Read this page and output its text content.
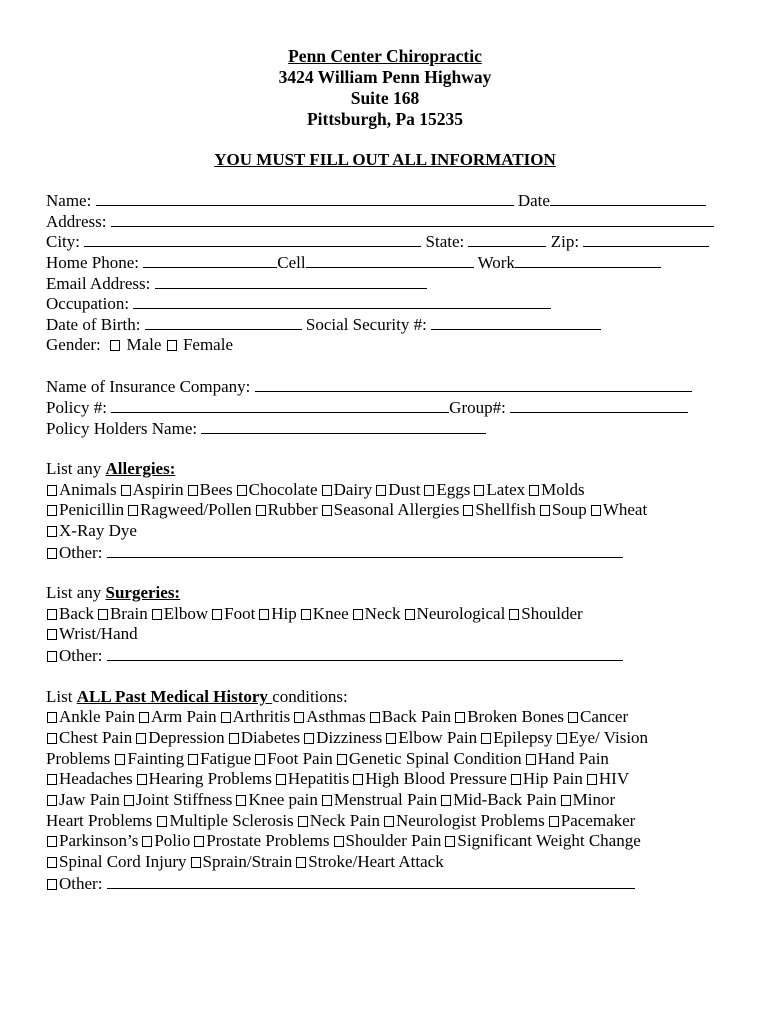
Penn Center Chiropractic
3424 William Penn Highway
Suite 168
Pittsburgh, Pa 15235
YOU MUST FILL OUT ALL INFORMATION
Name:	Date
Address:
City:	State:	Zip:
Home Phone:	Cell	Work
Email Address:
Occupation:
Date of Birth:	Social Security #:
Gender: Male Female
Name of Insurance Company:
Policy #:	Group#:
Policy Holders Name:
List any Allergies:
Animals Aspirin Bees Chocolate Dairy Dust Eggs Latex Molds
Penicillin Ragweed/Pollen Rubber Seasonal Allergies Shellfish Soup Wheat
X-Ray Dye
Other:
List any Surgeries:
Back Brain Elbow Foot Hip Knee Neck Neurological Shoulder
Wrist/Hand
Other:
List ALL Past Medical History conditions:
Ankle Pain Arm Pain Arthritis Asthmas Back Pain Broken Bones Cancer
Chest Pain Depression Diabetes Dizziness Elbow Pain Epilepsy Eye/ Vision
Problems Fainting Fatigue Foot Pain Genetic Spinal Condition Hand Pain
Headaches Hearing Problems Hepatitis High Blood Pressure Hip Pain HIV
Jaw Pain Joint Stiffness Knee pain Menstrual Pain Mid-Back Pain Minor
Heart Problems Multiple Sclerosis Neck Pain Neurologist Problems Pacemaker
Parkinson’s Polio Prostate Problems Shoulder Pain Significant Weight Change
Spinal Cord Injury Sprain/Strain Stroke/Heart Attack
Other:
